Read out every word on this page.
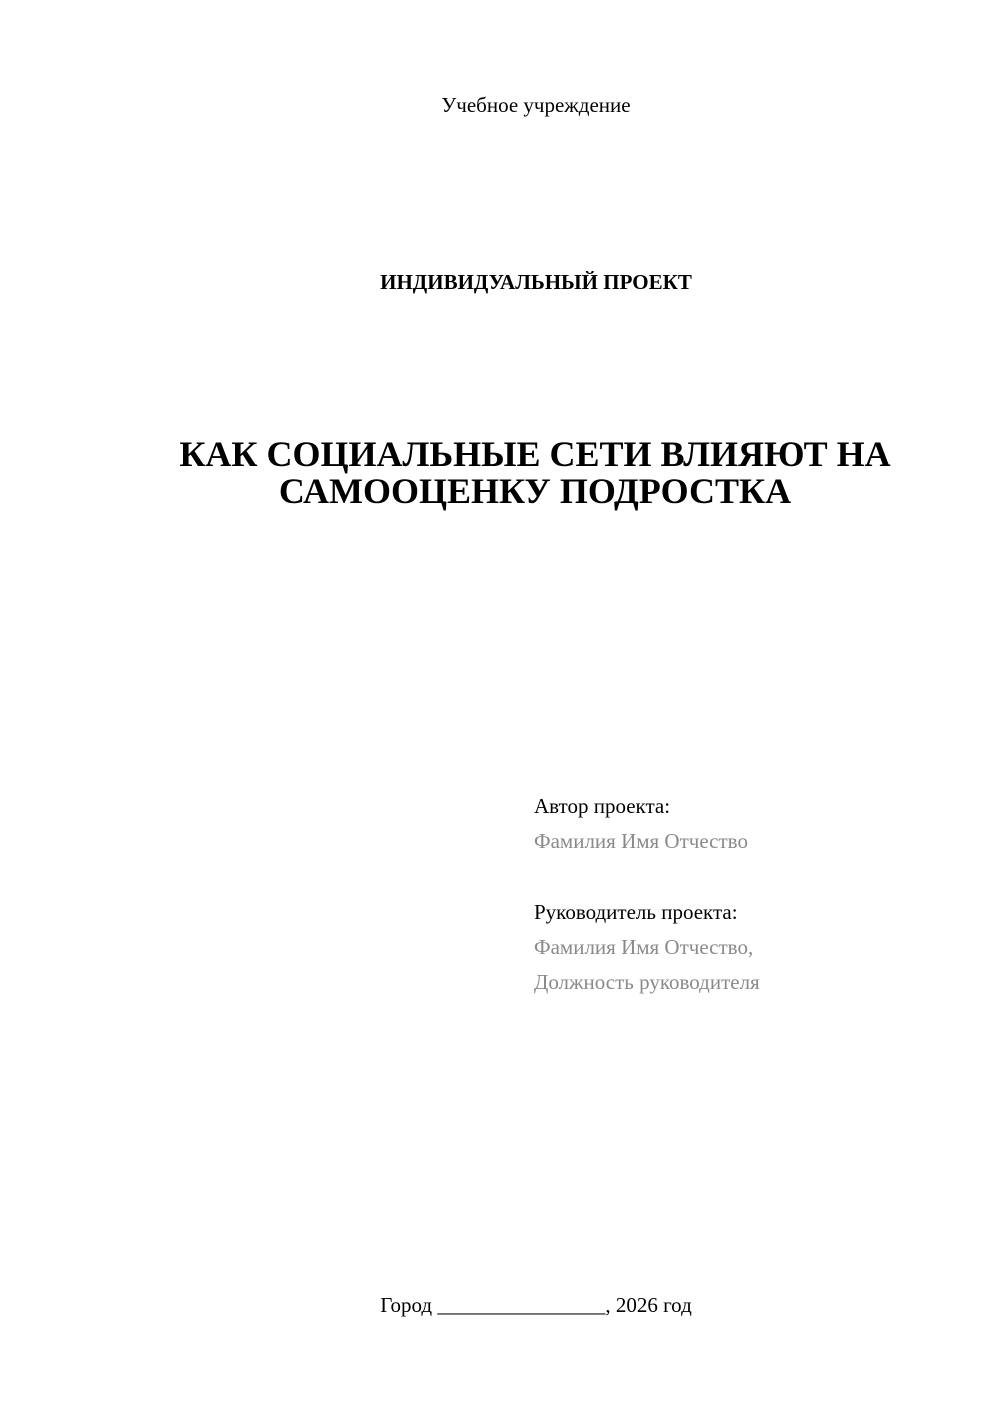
Учебное учреждение
ИНДИВИДУАЛЬНЫЙ ПРОЕКТ
КАК СОЦИАЛЬНЫЕ СЕТИ ВЛИЯЮТ НА
САМООЦЕНКУ ПОДРОСТКА
Автор проекта:
Фамилия Имя Отчество
Руководитель проекта:
Фамилия Имя Отчество,
Должность руководителя
Город ________________, 2026 год
